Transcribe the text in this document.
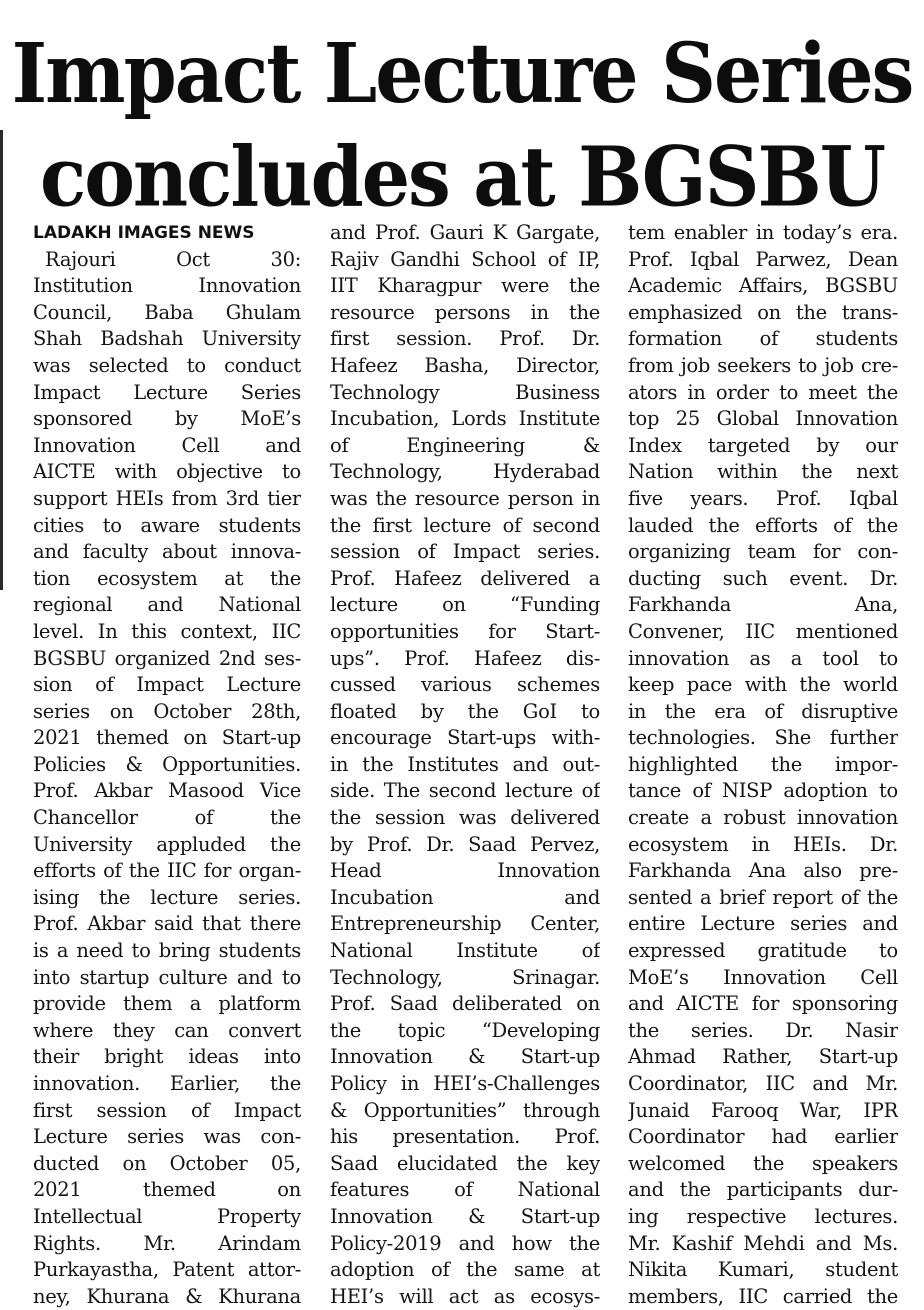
Impact Lecture Series
concludes at BGSBU
LADAKH IMAGES NEWS
Rajouri Oct 30:
Institution Innovation
Council, Baba Ghulam
Shah Badshah University
was selected to conduct
Impact Lecture Series
sponsored by MoE’s
Innovation Cell and
AICTE with objective to
support HEIs from 3rd tier
cities to aware students
and faculty about innova-
tion ecosystem at the
regional and National
level. In this context, IIC
BGSBU organized 2nd ses-
sion of Impact Lecture
series on October 28th,
2021 themed on Start-up
Policies & Opportunities.
Prof. Akbar Masood Vice
Chancellor of the
University appluded the
efforts of the IIC for organ-
ising the lecture series.
Prof. Akbar said that there
is a need to bring students
into startup culture and to
provide them a platform
where they can convert
their bright ideas into
innovation. Earlier, the
first session of Impact
Lecture series was con-
ducted on October 05,
2021 themed on
Intellectual Property
Rights. Mr. Arindam
Purkayastha, Patent attor-
ney, Khurana & Khurana
and Prof. Gauri K Gargate,
Rajiv Gandhi School of IP,
IIT Kharagpur were the
resource persons in the
first session. Prof. Dr.
Hafeez Basha, Director,
Technology Business
Incubation, Lords Institute
of Engineering &
Technology, Hyderabad
was the resource person in
the first lecture of second
session of Impact series.
Prof. Hafeez delivered a
lecture on “Funding
opportunities for Start-
ups”. Prof. Hafeez dis-
cussed various schemes
floated by the GoI to
encourage Start-ups with-
in the Institutes and out-
side. The second lecture of
the session was delivered
by Prof. Dr. Saad Pervez,
Head Innovation
Incubation and
Entrepreneurship Center,
National Institute of
Technology, Srinagar.
Prof. Saad deliberated on
the topic “Developing
Innovation & Start-up
Policy in HEI’s-Challenges
& Opportunities” through
his presentation. Prof.
Saad elucidated the key
features of National
Innovation & Start-up
Policy-2019 and how the
adoption of the same at
HEI’s will act as ecosys-
tem enabler in today’s era.
Prof. Iqbal Parwez, Dean
Academic Affairs, BGSBU
emphasized on the trans-
formation of students
from job seekers to job cre-
ators in order to meet the
top 25 Global Innovation
Index targeted by our
Nation within the next
five years. Prof. Iqbal
lauded the efforts of the
organizing team for con-
ducting such event. Dr.
Farkhanda Ana,
Convener, IIC mentioned
innovation as a tool to
keep pace with the world
in the era of disruptive
technologies. She further
highlighted the impor-
tance of NISP adoption to
create a robust innovation
ecosystem in HEIs. Dr.
Farkhanda Ana also pre-
sented a brief report of the
entire Lecture series and
expressed gratitude to
MoE’s Innovation Cell
and AICTE for sponsoring
the series. Dr. Nasir
Ahmad Rather, Start-up
Coordinator, IIC and Mr.
Junaid Farooq War, IPR
Coordinator had earlier
welcomed the speakers
and the participants dur-
ing respective lectures.
Mr. Kashif Mehdi and Ms.
Nikita Kumari, student
members, IIC carried the
